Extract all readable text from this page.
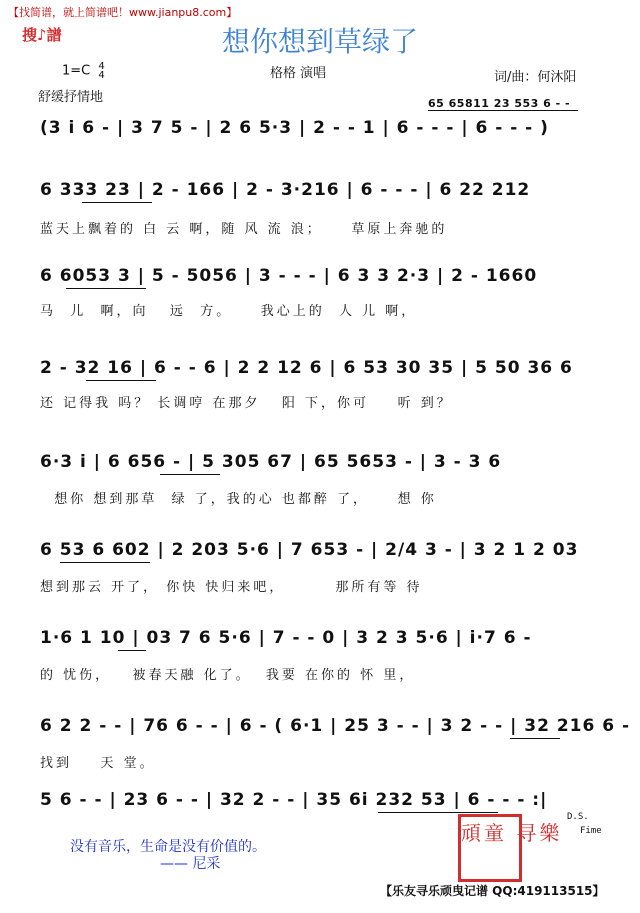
【找简谱，就上简谱吧！www.jianpu8.com】
搜♪譜	想你想到草绿了
1=C 4
4	格格 演唱	词/曲：何沐阳
舒缓抒情地	65 65811 23 553 6 - -
(3 i 6 - | 3 7 5 - | 2 6 5·3 | 2 - - 1 | 6 - - - | 6 - - - )
6 333 23 | 2 - 166 | 2 - 3·216 | 6 - - - | 6 22 212
蓝天上飘着的 白 云 啊，随 风 流 浪；    草原上奔驰的
6 6053 3 | 5 - 5056 | 3 - - - | 6 3 3 2·3 | 2 - 1660
马  儿  啊，向   远  方。    我心上的  人 儿 啊，
2 - 32 16 | 6 - - 6 | 2 2 12 6 | 6 53 30 35 | 5 50 36 6
还 记得我 吗？ 长调哼 在那夕   阳 下，你可    听 到？
6·3 i | 6 656 - | 5 305 67 | 65 5653 - | 3 - 3 6
想你 想到那草  绿 了，我的心 也都醉 了，    想 你
6 53 6 602 | 2 203 5·6 | 7 653 - | 2/4 3 - | 3 2 1 2 03
想到那云 开了， 你快 快归来吧，       那所有等 待
1·6 1 10 | 03 7 6 5·6 | 7 - - 0 | 3 2 3 5·6 | i·7 6 -
的 忧伤，   被春天融 化了。  我要 在你的 怀 里，
6 2 2 - - | 76 6 - - | 6 - ( 6·1 | 25 3 - - | 3 2 - - | 32 216 6 -
找到    天 堂。
5 6 - - | 23 6 - - | 32 2 - - | 35 6i 232 53 | 6 - - - :|
D.S.
Fime
没有音乐，生命是没有价值的。
—— 尼采
頑童 寻樂
【乐友寻乐顽曳记谱 QQ:419113515】
